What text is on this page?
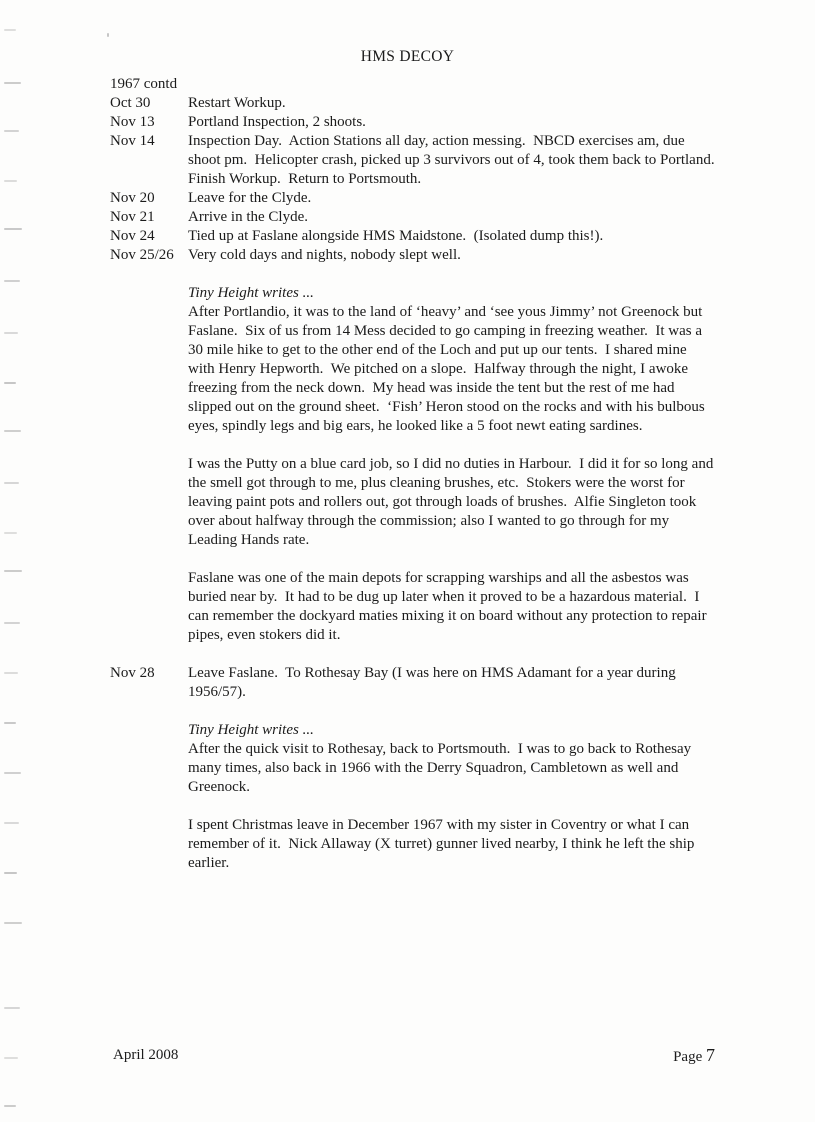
HMS DECOY
1967 contd
Oct 30	Restart Workup.
Nov 13	Portland Inspection, 2 shoots.
Nov 14	Inspection Day.  Action Stations all day, action messing.  NBCD exercises am, due shoot pm.  Helicopter crash, picked up 3 survivors out of 4, took them back to Portland.  Finish Workup.  Return to Portsmouth.
Nov 20	Leave for the Clyde.
Nov 21	Arrive in the Clyde.
Nov 24	Tied up at Faslane alongside HMS Maidstone.  (Isolated dump this!).
Nov 25/26 Very cold days and nights, nobody slept well.
Tiny Height writes ...

After Portlandio, it was to the land of ‘heavy’ and ‘see yous Jimmy’ not Greenock but Faslane.  Six of us from 14 Mess decided to go camping in freezing weather.  It was a 30 mile hike to get to the other end of the Loch and put up our tents.  I shared mine with Henry Hepworth.  We pitched on a slope.  Halfway through the night, I awoke freezing from the neck down.  My head was inside the tent but the rest of me had slipped out on the ground sheet.  ‘Fish’ Heron stood on the rocks and with his bulbous eyes, spindly legs and big ears, he looked like a 5 foot newt eating sardines.

I was the Putty on a blue card job, so I did no duties in Harbour.  I did it for so long and the smell got through to me, plus cleaning brushes, etc.  Stokers were the worst for leaving paint pots and rollers out, got through loads of brushes.  Alfie Singleton took over about halfway through the commission; also I wanted to go through for my Leading Hands rate.

Faslane was one of the main depots for scrapping warships and all the asbestos was buried near by.  It had to be dug up later when it proved to be a hazardous material.  I can remember the dockyard maties mixing it on board without any protection to repair pipes, even stokers did it.

Nov 28	Leave Faslane.  To Rothesay Bay (I was here on HMS Adamant for a year during 1956/57).
Tiny Height writes ...

After the quick visit to Rothesay, back to Portsmouth.  I was to go back to Rothesay many times, also back in 1966 with the Derry Squadron, Cambletown as well and Greenock.

I spent Christmas leave in December 1967 with my sister in Coventry or what I can remember of it.  Nick Allaway (X turret) gunner lived nearby, I think he left the ship earlier.

April 2008	Page 7
